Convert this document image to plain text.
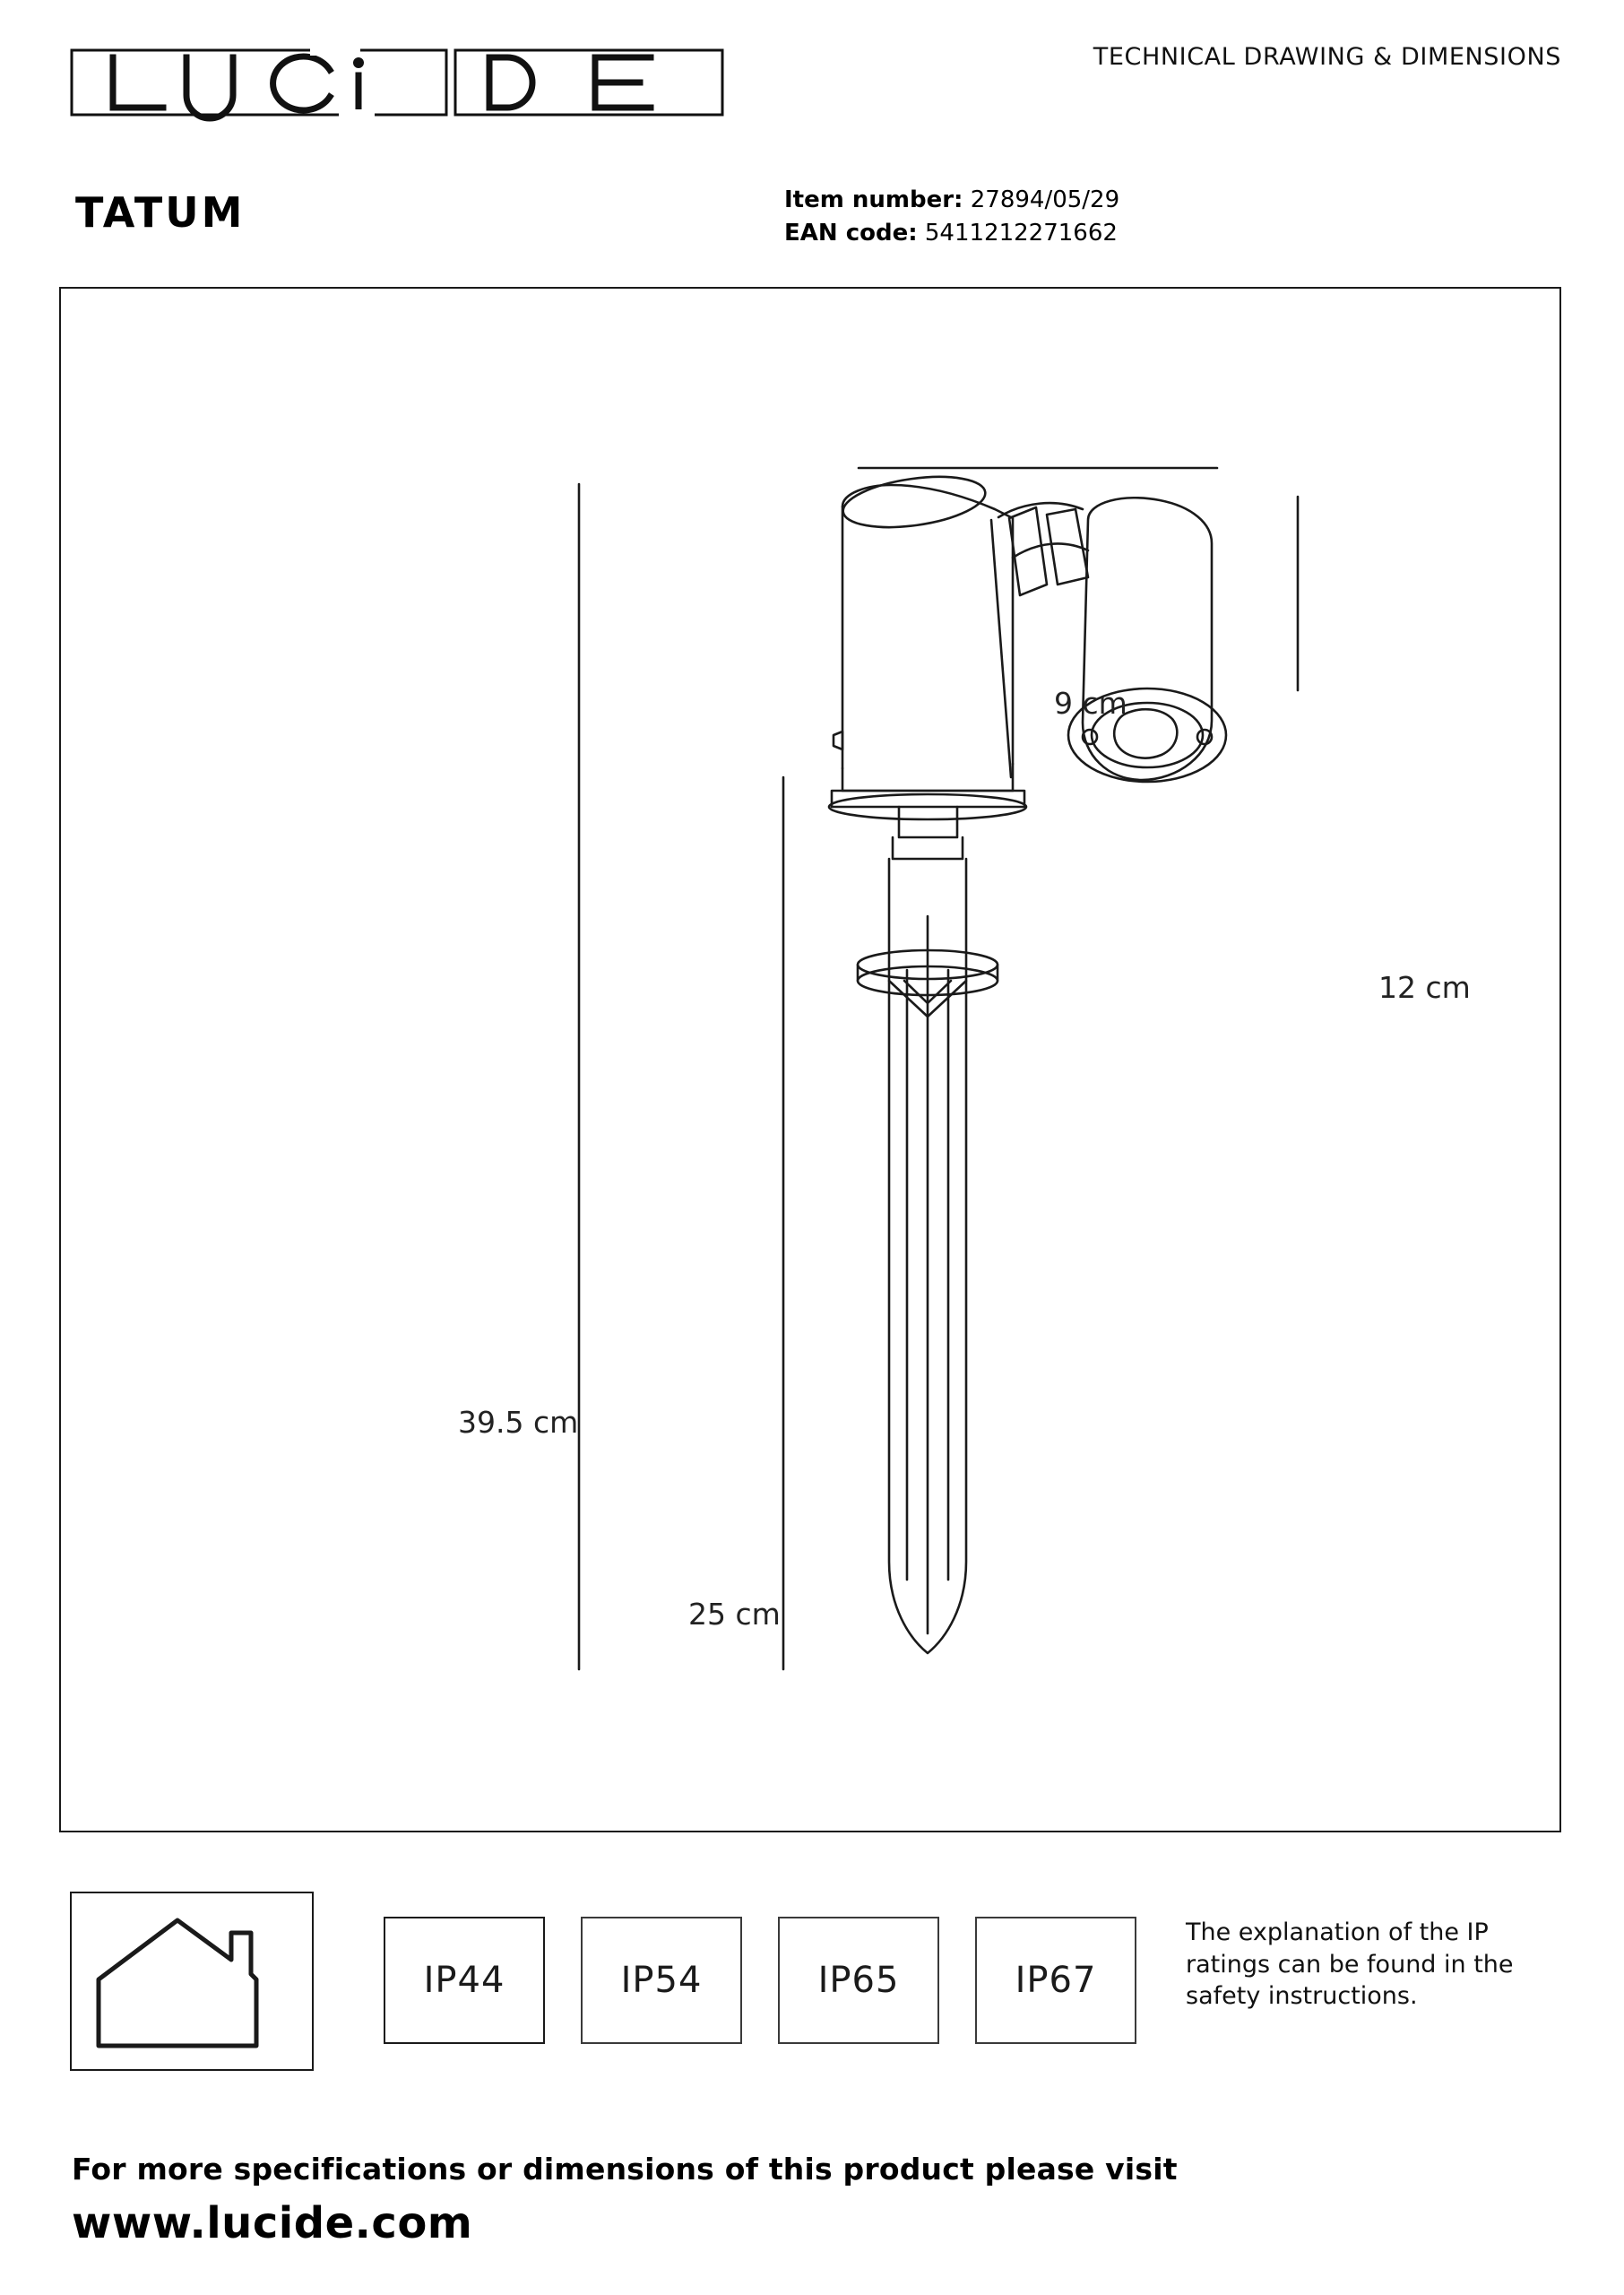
TECHNICAL DRAWING & DIMENSIONS
TATUM	Item number: 27894/05/29
EAN code: 5411212271662
9 cm
12 cm
39.5 cm
25 cm
IP44	IP54	IP65	IP67
The explanation of the IP ratings can be found in the safety instructions.
For more specifications or dimensions of this product please visit
www.lucide.com
